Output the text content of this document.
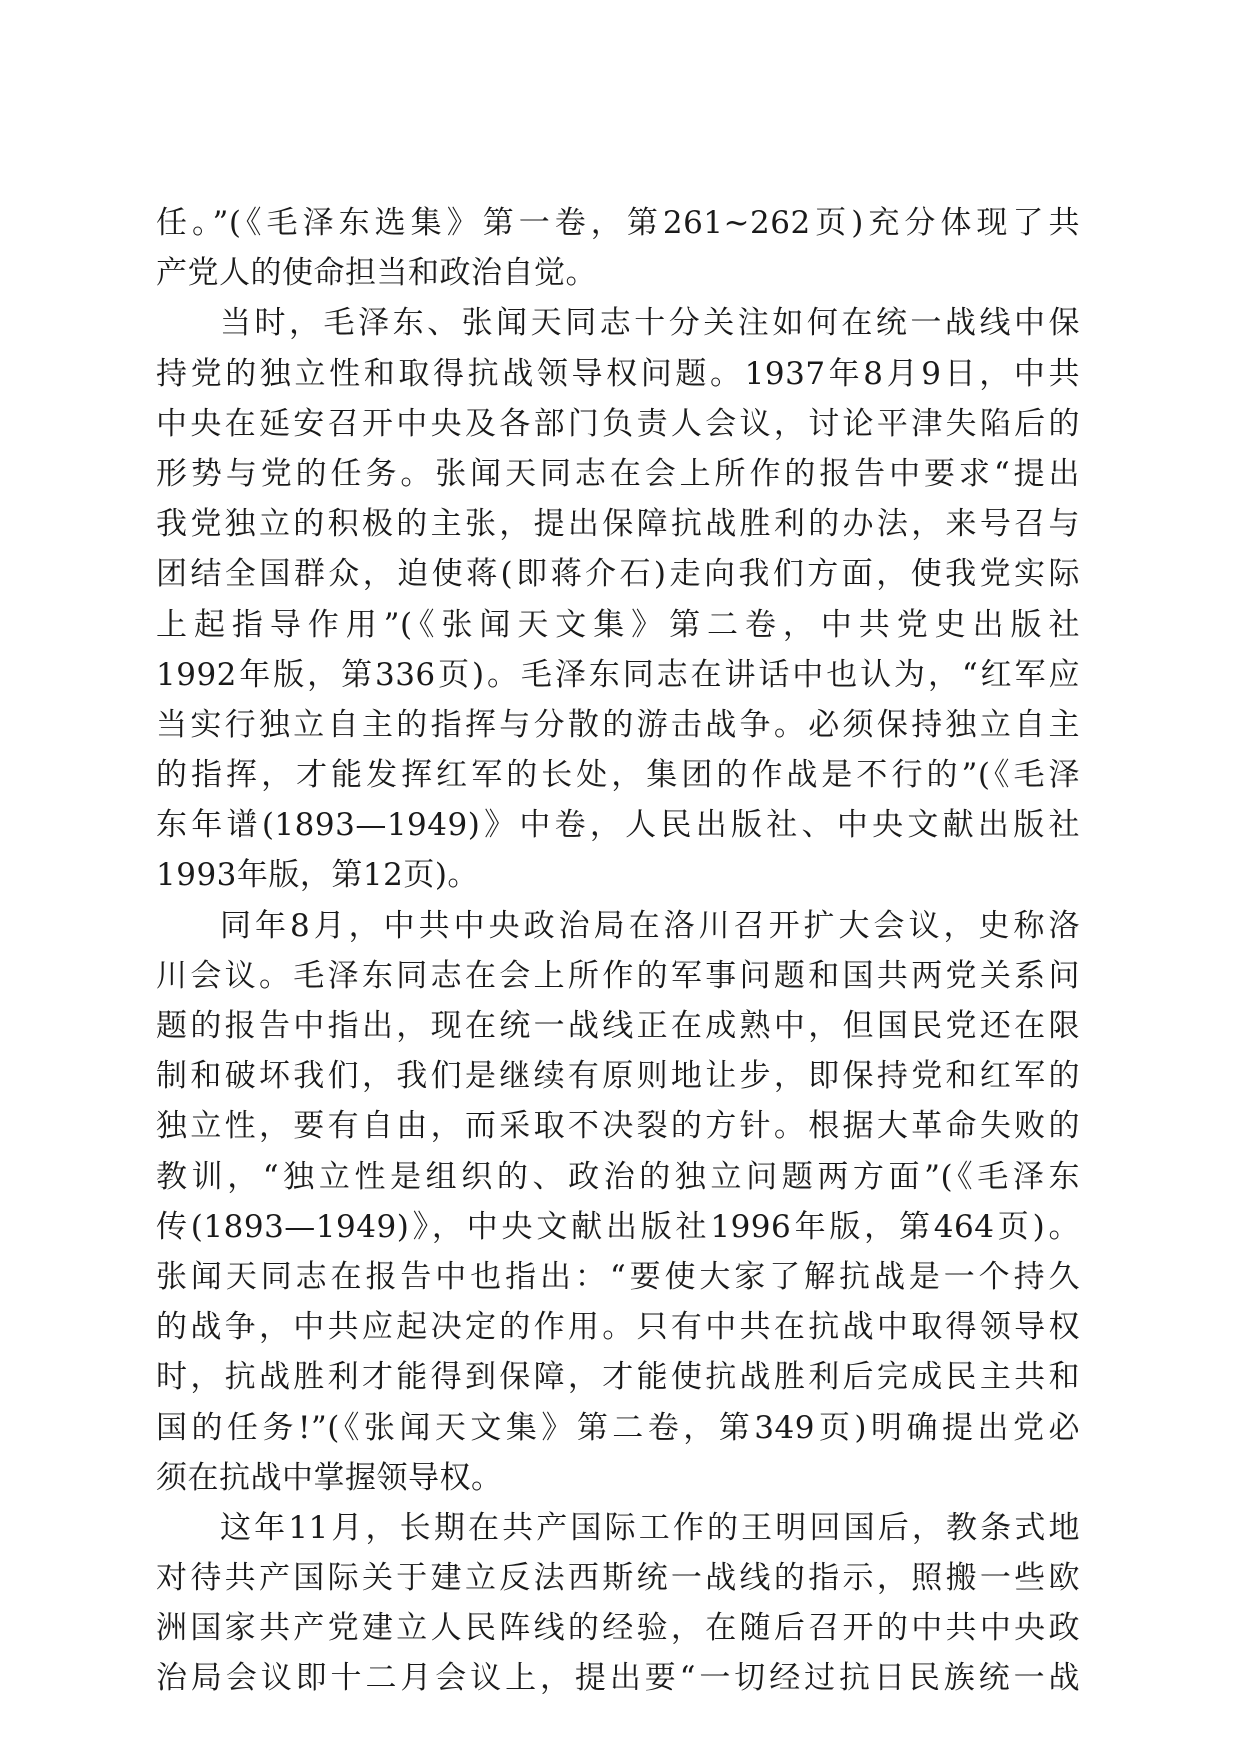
任。”(《毛泽东选集》第一卷，第261~262页)充分体现了共
产党人的使命担当和政治自觉。
当时，毛泽东、张闻天同志十分关注如何在统一战线中保
持党的独立性和取得抗战领导权问题。1937年8月9日，中共
中央在延安召开中央及各部门负责人会议，讨论平津失陷后的
形势与党的任务。张闻天同志在会上所作的报告中要求“提出
我党独立的积极的主张，提出保障抗战胜利的办法，来号召与
团结全国群众，迫使蒋(即蒋介石)走向我们方面，使我党实际
上起指导作用”(《张闻天文集》第二卷，中共党史出版社
1992年版，第336页)。毛泽东同志在讲话中也认为，“红军应
当实行独立自主的指挥与分散的游击战争。必须保持独立自主
的指挥，才能发挥红军的长处，集团的作战是不行的”(《毛泽
东年谱(1893—1949)》中卷，人民出版社、中央文献出版社
1993年版，第12页)。
同年8月，中共中央政治局在洛川召开扩大会议，史称洛
川会议。毛泽东同志在会上所作的军事问题和国共两党关系问
题的报告中指出，现在统一战线正在成熟中，但国民党还在限
制和破坏我们，我们是继续有原则地让步，即保持党和红军的
独立性，要有自由，而采取不决裂的方针。根据大革命失败的
教训，“独立性是组织的、政治的独立问题两方面”(《毛泽东
传(1893—1949)》，中央文献出版社1996年版，第464页)。
张闻天同志在报告中也指出：“要使大家了解抗战是一个持久
的战争，中共应起决定的作用。只有中共在抗战中取得领导权
时，抗战胜利才能得到保障，才能使抗战胜利后完成民主共和
国的任务!”(《张闻天文集》第二卷，第349页)明确提出党必
须在抗战中掌握领导权。
这年11月，长期在共产国际工作的王明回国后，教条式地
对待共产国际关于建立反法西斯统一战线的指示，照搬一些欧
洲国家共产党建立人民阵线的经验，在随后召开的中共中央政
治局会议即十二月会议上，提出要“一切经过抗日民族统一战
